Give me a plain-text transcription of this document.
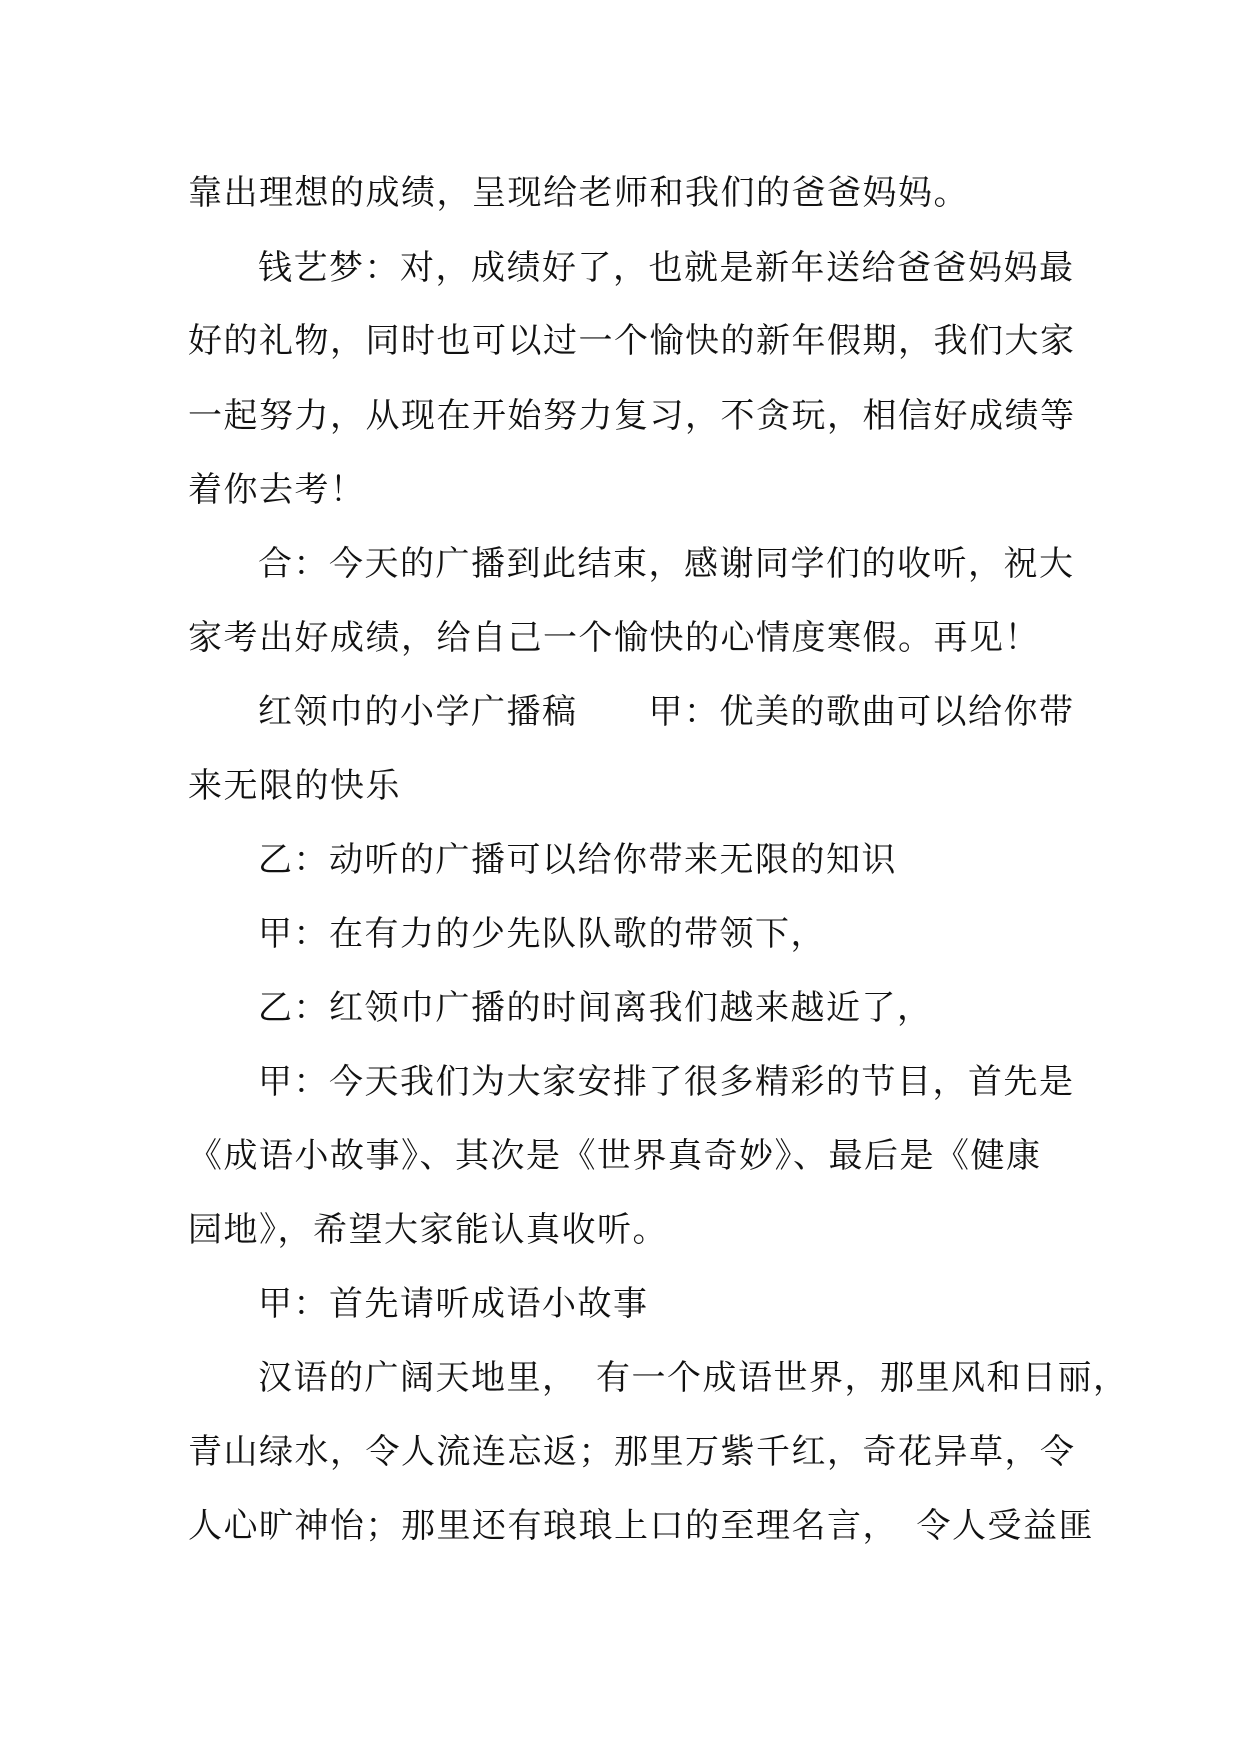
靠出理想的成绩，呈现给老师和我们的爸爸妈妈。
钱艺梦：对，成绩好了，也就是新年送给爸爸妈妈最
好的礼物，同时也可以过一个愉快的新年假期，我们大家
一起努力，从现在开始努力复习，不贪玩，相信好成绩等
着你去考！
合：今天的广播到此结束，感谢同学们的收听，祝大
家考出好成绩，给自己一个愉快的心情度寒假。再见！
红领巾的小学广播稿　　甲：优美的歌曲可以给你带
来无限的快乐
乙：动听的广播可以给你带来无限的知识
甲：在有力的少先队队歌的带领下，
乙：红领巾广播的时间离我们越来越近了，
甲：今天我们为大家安排了很多精彩的节目，首先是
《成语小故事》、其次是《世界真奇妙》、最后是《健康
园地》，希望大家能认真收听。
甲：首先请听成语小故事
汉语的广阔天地里，　有一个成语世界，那里风和日丽，
青山绿水，令人流连忘返；那里万紫千红，奇花异草，令
人心旷神怡；那里还有琅琅上口的至理名言，　令人受益匪
